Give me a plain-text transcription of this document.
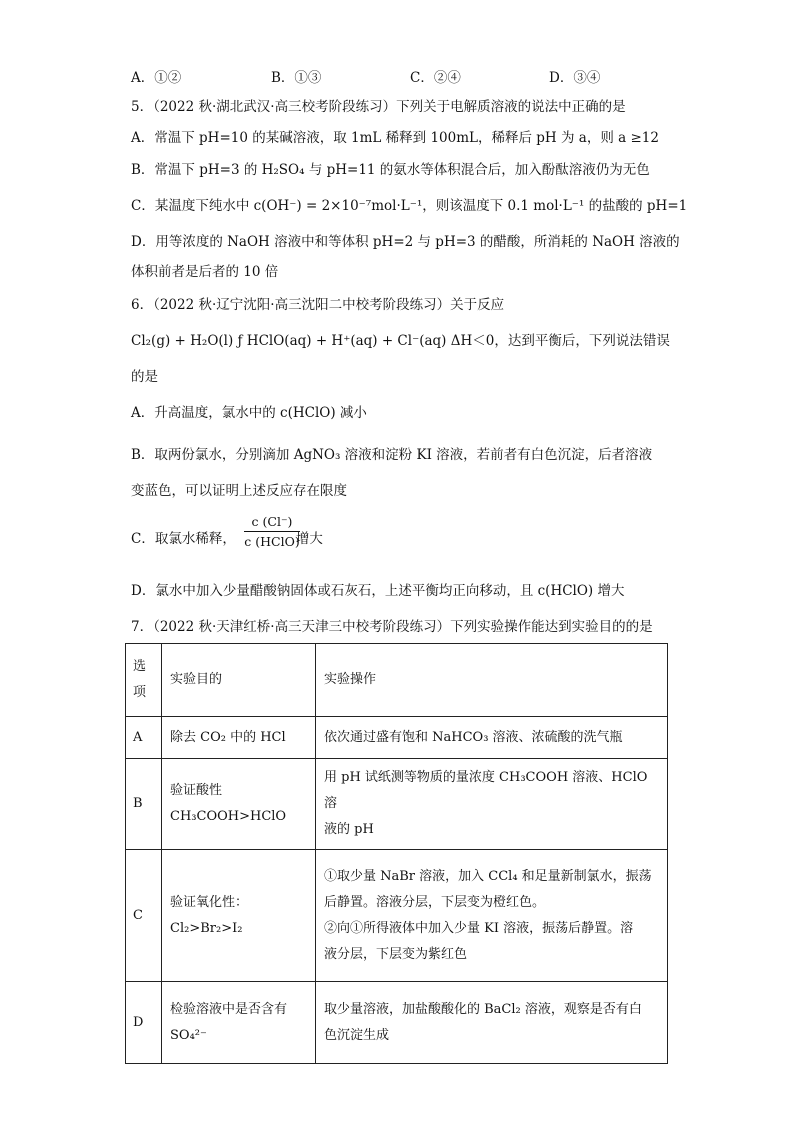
A．①②	B．①③	C．②④	D．③④
5．（2022 秋·湖北武汉·高三校考阶段练习）下列关于电解质溶液的说法中正确的是
A．常温下 pH=10 的某碱溶液，取 1mL 稀释到 100mL，稀释后 pH 为 a，则 a ≥12
B．常温下 pH=3 的 H₂SO₄ 与 pH=11 的氨水等体积混合后，加入酚酞溶液仍为无色
C．某温度下纯水中 c(OH⁻) = 2×10⁻⁷mol·L⁻¹，则该温度下 0.1 mol·L⁻¹ 的盐酸的 pH=1
D．用等浓度的 NaOH 溶液中和等体积 pH=2 与 pH=3 的醋酸，所消耗的 NaOH 溶液的
体积前者是后者的 10 倍
6．（2022 秋·辽宁沈阳·高三沈阳二中校考阶段练习）关于反应
Cl₂(g) + H₂O(l) ƒ HClO(aq) + H⁺(aq) + Cl⁻(aq) ΔH＜0，达到平衡后，下列说法错误
的是
A．升高温度，氯水中的 c(HClO) 减小
B．取两份氯水，分别滴加 AgNO₃ 溶液和淀粉 KI 溶液，若前者有白色沉淀，后者溶液
变蓝色，可以证明上述反应存在限度
C．取氯水稀释，	增大
c (Cl⁻)
c (HClO)
D．氯水中加入少量醋酸钠固体或石灰石，上述平衡均正向移动，且 c(HClO) 增大
7．（2022 秋·天津红桥·高三天津三中校考阶段练习）下列实验操作能达到实验目的的是
选
项	实验目的	实验操作

A	除去 CO₂ 中的 HCl	依次通过盛有饱和 NaHCO₃ 溶液、浓硫酸的洗气瓶

B	验证酸性
CH₃COOH>HClO	用 pH 试纸测等物质的量浓度 CH₃COOH 溶液、HClO 溶
液的 pH

C	验证氧化性：
Cl₂>Br₂>I₂	①取少量 NaBr 溶液，加入 CCl₄ 和足量新制氯水，振荡
后静置。溶液分层，下层变为橙红色。
②向①所得液体中加入少量 KI 溶液，振荡后静置。溶
液分层，下层变为紫红色

D	检验溶液中是否含有
SO₄²⁻	取少量溶液，加盐酸酸化的 BaCl₂ 溶液，观察是否有白
色沉淀生成
